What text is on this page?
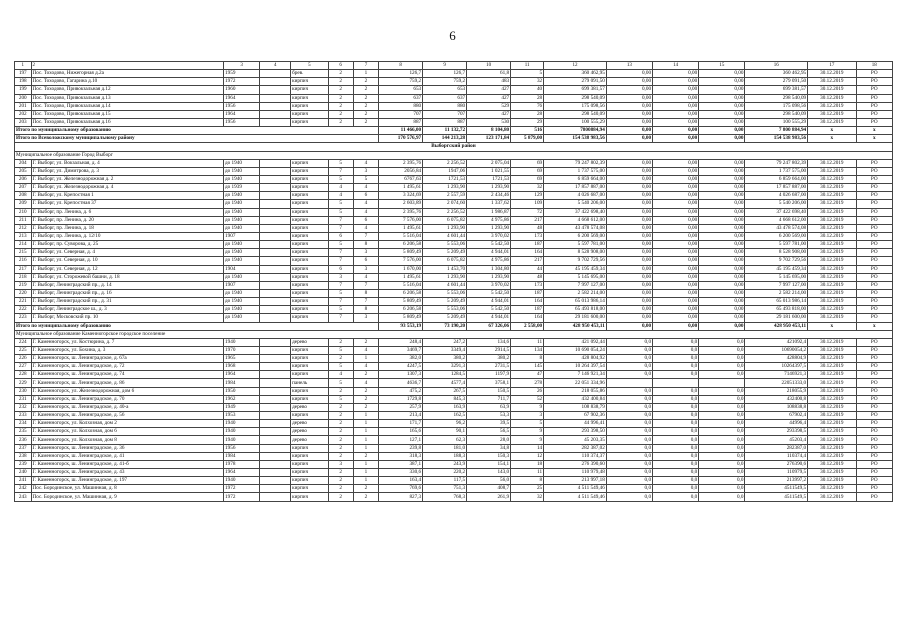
6
1	2	3	4	5	6	7	8	9	10	11	12	13	14	15	16	17	18
197	Пос. Тоходово, Нижегорная д.2а	1959		брев.	2	1	126,7	126,7	61,8	5	360 462,95	0,00	0,00	0,00	360 462,95	30.12.2019	РО
198	Пос. Тоходово, Гагарина д.10	1972		кирпич	2	2	759,2	759,2	483	32	279 091,50	0,00	0,00	0,00	279 091,50	30.12.2019	РО
199	Пос. Тоходово, Привокзальная д.12	1960		кирпич	2	2	653	653	427	40	699 381,57	0,00	0,00	0,00	699 381,57	30.12.2019	РО
200	Пос. Тоходово, Привокзальная д.13	1964		кирпич	2	2	637	637	427	28	298 540,09	0,00	0,00	0,00	298 540,09	30.12.2019	РО
201	Пос. Тоходово, Привокзальная д.14	1956		кирпич	2	2	880	880	529	76	175 098,56	0,00	0,00	0,00	175 098,56	30.12.2019	РО
202	Пос. Тоходово, Привокзальная д.15	1964		кирпич	2	2	707	707	427	28	298 540,09	0,00	0,00	0,00	298 540,09	30.12.2019	РО
203	Пос. Тоходово, Привокзальная д.16	1956		кирпич	2	2	887	887	530	29	100 555,29	0,00	0,00	0,00	100 555,29	30.12.2019	РО
Итого по муниципальному образованию							11 466,00	11 132,72	8 104,80	516	7800884,94	0,00	0,00	0,00	7 800 884,94	х	х
Итого по Всеволожскому муниципальному району							170 576,97	144 213,28	123 171,84	5 879,00	154 538 983,56	0,00	0,00	0,00	154 538 983,56	х	х
Выборгский район																	
Муниципальное образование Город Выборг																	
204	Г. Выборг, ул. Вокзальная, д. 4	до 1940		кирпич	5	4	2 395,76	2 256,52	2 075,04	69	79 247 802,39	0,00	0,00	0,00	79 247 802,39	30.12.2019	РО
205	Г. Выборг, ул. Димитрова, д. 3	до 1940		кирпич	7	3	2056,84	1947,06	1 021,55	69	1 737 575,00	0,00	0,00	0,00	1 737 575,00	30.12.2019	РО
206	Г. Выборг, ул. Железнодорожная д. 2	до 1940		кирпич	5	5	6767,63	1721,53	1721,53	69	6 859 664,00	0,00	0,00	0,00	6 859 664,00	30.12.2019	РО
207	Г. Выборг, ул. Железнодорожная д. 4	до 1939		кирпич	4	4	1 495,61	1 293,90	1 293,90	32	17 857 887,00	0,00	0,00	0,00	17 857 887,00	30.12.2019	РО
208	Г. Выборг, ул. Крепостная 1	до 1940		кирпич	4	6	3 324,69	2 557,59	2 434,46	129	4 026 687,00	0,00	0,00	0,00	4 026 687,00	30.12.2019	РО
209	Г. Выборг, ул. Крепостная 37	до 1940		кирпич	5	4	2 603,89	2 074,60	1 337,62	109	5 540 206,00	0,00	0,00	0,00	5 540 206,00	30.12.2019	РО
210	Г. Выборг, пр. Ленина, д. 6	до 1940		кирпич	5	4	2 395,76	2 256,52	1 986,87	72	37 422 698,40	0,00	0,00	0,00	37 422 698,40	30.12.2019	РО
211	Г. Выборг, пр. Ленина, д. 20	до 1940		кирпич	7	6	7 576,00	6 075,82	4 975,86	217	4 668 612,00	0,00	0,00	0,00	4 668 612,00	30.12.2019	РО
212	Г. Выборг, пр. Ленина, д. 18	до 1940		кирпич	7	4	1 495,61	1 293,90	1 293,90	48	43 478 574,08	0,00	0,00	0,00	43 478 574,08	30.12.2019	РО
213	Г. Выборг, пр. Ленина, д. 12/10	1907		кирпич	6	7	5 516,04	4 601,44	3 970,02	173	6 200 569,00	0,00	0,00	0,00	6 200 569,00	30.12.2019	РО
214	Г. Выборг, пр. Суворова, д. 25	до 1940		кирпич	5	8	6 206,58	5 553,06	5 542,50	187	5 597 781,00	0,00	0,00	0,00	5 597 781,00	30.12.2019	РО
215	Г. Выборг, ул. Северная, д. 4	до 1940		кирпич	7	3	5 809,49	5 209,49	4 944,01	164	8 528 908,00	0,00	0,00	0,00	8 528 908,00	30.12.2019	РО
216	Г. Выборг, ул. Северная, д. 10	до 1940		кирпич	7	6	7 576,00	6 075,82	4 975,86	217	9 702 729,56	0,00	0,00	0,00	9 702 729,56	30.12.2019	РО
217	Г. Выборг, ул. Северная, д. 12	1904		кирпич	6	3	1 670,00	1 453,70	1 304,80	44	45 195 459,34	0,00	0,00	0,00	45 195 459,34	30.12.2019	РО
218	Г. Выборг, ул. Сторожевой башни, д. 18	до 1940		кирпич	3	4	1 495,61	1 293,90	1 293,90	48	5 145 695,00	0,00	0,00	0,00	5 145 695,00	30.12.2019	РО
219	Г. Выборг, Ленинградский пр., д. 14	1907		кирпич	7	7	5 516,04	4 601,44	3 970,02	173	7 997 127,00	0,00	0,00	0,00	7 997 127,00	30.12.2019	РО
220	Г. Выборг, Ленинградский пр., д. 16	до 1940		кирпич	5	8	6 206,58	5 553,06	5 542,50	187	2 582 214,00	0,00	0,00	0,00	2 582 214,00	30.12.2019	РО
221	Г. Выборг, Ленинградский пр., д. 31	до 1940		кирпич	7	7	5 809,49	5 209,49	4 944,01	164	65 013 986,14	0,00	0,00	0,00	65 013 986,14	30.12.2019	РО
222	Г. Выборг, Ленинградское ш., д. 3	до 1940		кирпич	5	8	6 206,58	5 553,06	5 542,50	187	65 493 818,00	0,00	0,00	0,00	65 493 818,00	30.12.2019	РО
223	Г. Выборг, Московский пр. 10	до 1940		кирпич	7	3	5 809,49	5 209,49	4 944,01	164	29 181 600,00	0,00	0,00	0,00	29 181 600,00	30.12.2019	РО
Итого по муниципальному образованию							93 553,19	73 190,20	67 326,06	2 558,00	428 950 453,11	0,00	0,00	0,00	428 950 453,11	х	х
Муниципальное образование Каменногорское городское поселение																	
224	Г. Каменногорск, ул. Костюрина, д. 7	1940		дерево	2	2	248,4	247,2	134,6	11	421 092,44	0,0	0,0	0,0	421092,4	30.12.2019	РО
225	Г. Каменногорск, ул. Бохина, д. 3	1970		кирпич	5	4	3469,7	3349,4	2914,5	134	10 690 054,24	0,0	0,0	0,0	10690054,2	30.12.2019	РО
226	Г. Каменногорск, ш. Ленинградское, д. 67а	1965		кирпич	2	1	382,0	380,2	380,2	8	428 804,92	0,0	0,0	0,0	428804,9	30.12.2019	РО
227	Г. Каменногорск, ш. Ленинградское, д. 72	1968		кирпич	5	4	4247,5	3291,3	2731,5	145	10 264 397,54	0,0	0,0	0,0	10264397,5	30.12.2019	РО
228	Г. Каменногорск, ш. Ленинградское, д. 74	1964		кирпич	4	2	1307,3	1284,5	1197,9	47	7 146 921,34	0,0	0,0	0,0	7146921,3	30.12.2019	РО
229	Г. Каменногорск, ш. Ленинградское, д. 86	1984		панель	5	4	4636,7	4577,4	3758,1	278	22 051 334,96				22051333,0	30.12.2019	РО
230	Г. Каменногорск, ул. Железнодорожная, дом 6	1950		кирпич	2	2	475,2	267,5	150,5	26	218 055,86	0,0	0,0	0,0	218055,9	30.12.2019	РО
231	Г. Каменногорск, ш. Ленинградское, д. 70	1962		кирпич	5	2	1729,8	845,3	711,7	52	432 400,84	0,0	0,0	0,0	432400,8	30.12.2019	РО
232	Г. Каменногорск, ш. Ленинградское, д. 40-а	1949		дерево	2	2	257,9	163,9	63,9	9	108 838,79	0,0	0,0	0,0	108838,8	30.12.2019	РО
233	Г. Каменногорск, ш. Ленинградское, д. 56	1953		кирпич	2	1	213,4	162,5	53,3	3	67 902,36	0,0	0,0	0,0	67902,4	30.12.2019	РО
234	Г. Каменногорск, ул. Колхозная, дом 2	1940		дерево	2	1	171,7	96,2	39,5	5	44 996,41	0,0	0,0	0,0	44996,4	30.12.2019	РО
235	Г. Каменногорск, ул. Колхозная, дом 6	1940		дерево	2	1	165,6	90,1	56,5	9	293 398,50	0,0	0,0	0,0	293398,5	30.12.2019	РО
236	Г. Каменногорск, ул. Колхозная, дом 8	1940		дерево	2	1	127,1	62,3	28,0	9	45 203,35	0,0	0,0	0,0	45203,4	30.12.2019	РО
237	Г. Каменногорск, ш. Ленинградское, д. 36	1956		кирпич	2	1	239,8	181,0	34,8	14	282 387,02	0,0	0,0	0,0	282387,0	30.12.2019	РО
238	Г. Каменногорск, ш. Ленинградское, д. 41	1984		кирпич	2	2	318,3	188,3	150,3	12	110 374,37	0,0	0,0	0,0	110374,4	30.12.2019	РО
239	Г. Каменногорск, ш. Ленинградское, д. 41-б	1978		кирпич	3	1	387,1	243,9	154,1	18	276 390,60	0,0	0,0	0,0	276390,6	30.12.2019	РО
240	Г. Каменногорск, ш. Ленинградское, д. 43	1964		кирпич	2	1	330,6	220,2	143,0	11	110 979,48	0,0	0,0	0,0	110979,5	30.12.2019	РО
241	Г. Каменногорск, ш. Ленинградское, д. 197	1940		кирпич	2	1	163,4	117,5	56,0	8	213 997,18	0,0	0,0	0,0	213997,2	30.12.2019	РО
242	Пос. Бородинское, ул. Машинная, д. 8	1972		кирпич	2	2	769,6	751,3	408,7	25	4 511 549,46	0,0	0,0	0,0	4511549,5	30.12.2019	РО
243	Пос. Бородинское, ул. Машинная, д. 9	1972		кирпич	2	2	827,3	768,3	261,9	32	4 511 549,46	0,0	0,0	0,0	4511549,5	30.12.2019	РО
